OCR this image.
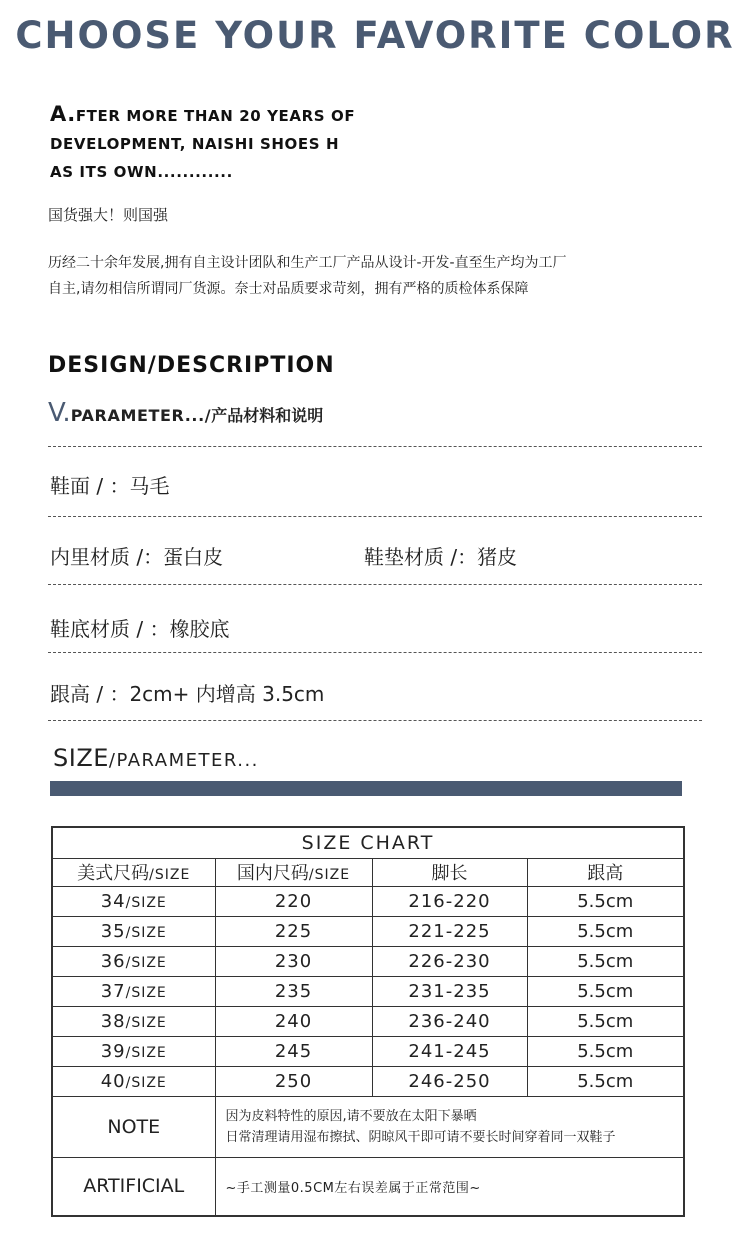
CHOOSE YOUR FAVORITE COLOR
A.FTER MORE THAN 20 YEARS OF
DEVELOPMENT, NAISHI SHOES H
AS ITS OWN............
国货强大！则国强
历经二十余年发展,拥有自主设计团队和生产工厂产品从设计-开发-直至生产均为工厂
自主,请勿相信所谓同厂货源。奈士对品质要求苛刻，拥有严格的质检体系保障
DESIGN/DESCRIPTION
V.PARAMETER.../产品材料和说明
鞋面 / ：马毛
内里材质 /：蛋白皮	鞋垫材质 /：猪皮
鞋底材质 / ：橡胶底
跟高 / ：2cm+ 内增高 3.5cm
SIZE/PARAMETER...
SIZE CHART			
美式尺码/SIZE	国内尺码/SIZE	脚长	跟高
34/SIZE	220	216-220	5.5cm
35/SIZE	225	221-225	5.5cm
36/SIZE	230	226-230	5.5cm
37/SIZE	235	231-235	5.5cm
38/SIZE	240	236-240	5.5cm
39/SIZE	245	241-245	5.5cm
40/SIZE	250	246-250	5.5cm
NOTE	因为皮料特性的原因,请不要放在太阳下暴晒
日常清理请用湿布擦拭、阴晾风干即可请不要长时间穿着同一双鞋子		

ARTIFICIAL	~手工测量0.5CM左右误差属于正常范围~		
